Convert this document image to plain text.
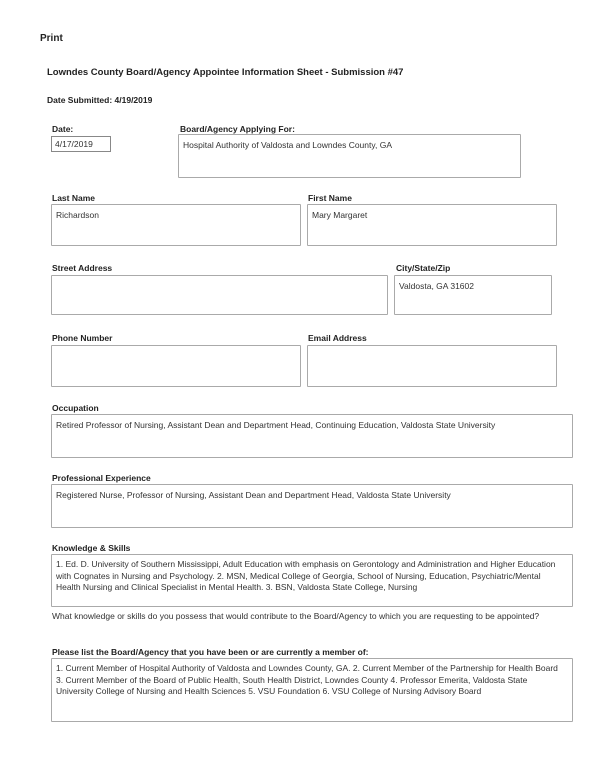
Print
Lowndes County Board/Agency Appointee Information Sheet - Submission #47
Date Submitted: 4/19/2019
Date:
4/17/2019
Board/Agency Applying For:
Hospital Authority of Valdosta and Lowndes County, GA
Last Name
Richardson
First Name
Mary Margaret
Street Address	City/State/Zip
Valdosta, GA 31602
Phone Number	Email Address
Occupation
Retired Professor of Nursing, Assistant Dean and Department Head, Continuing Education, Valdosta State University
Professional Experience
Registered Nurse, Professor of Nursing, Assistant Dean and Department Head, Valdosta State University
Knowledge & Skills
1. Ed. D. University of Southern Mississippi, Adult Education with emphasis on Gerontology and Administration and Higher Education with Cognates in Nursing and Psychology. 2. MSN, Medical College of Georgia, School of Nursing, Education, Psychiatric/Mental Health Nursing and Clinical Specialist in Mental Health. 3. BSN, Valdosta State College, Nursing
What knowledge or skills do you possess that would contribute to the Board/Agency to which you are requesting to be appointed?
Please list the Board/Agency that you have been or are currently a member of:
1. Current Member of Hospital Authority of Valdosta and Lowndes County, GA. 2. Current Member of the Partnership for Health Board 3. Current Member of the Board of Public Health, South Health District, Lowndes County 4. Professor Emerita, Valdosta State University College of Nursing and Health Sciences 5. VSU Foundation 6. VSU College of Nursing Advisory Board
